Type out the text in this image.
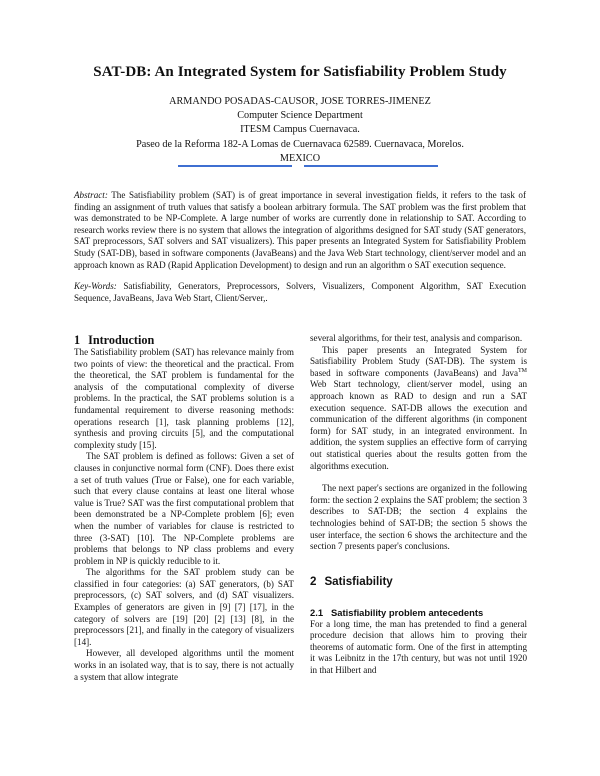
SAT-DB: An Integrated System for Satisfiability Problem Study
ARMANDO POSADAS-CAUSOR, JOSE TORRES-JIMENEZ
Computer Science Department
ITESM Campus Cuernavaca.
Paseo de la Reforma 182-A Lomas de Cuernavaca 62589. Cuernavaca, Morelos.
MEXICO

Abstract: The Satisfiability problem (SAT) is of great importance in several investigation fields, it refers to the task of finding an assignment of truth values that satisfy a boolean arbitrary formula. The SAT problem was the first problem that was demonstrated to be NP-Complete. A large number of works are currently done in relationship to SAT. According to research works review there is no system that allows the integration of algorithms designed for SAT study (SAT generators, SAT preprocessors, SAT solvers and SAT visualizers). This paper presents an Integrated System for Satisfiability Problem Study (SAT-DB), based in software components (JavaBeans) and the Java Web Start technology, client/server model and an approach known as RAD (Rapid Application Development) to design and run an algorithm o SAT execution sequence.

Key-Words: Satisfiability, Generators, Preprocessors, Solvers, Visualizers, Component Algorithm, SAT Execution Sequence, JavaBeans, Java Web Start, Client/Server,.

1 Introduction

The Satisfiability problem (SAT) has relevance mainly from two points of view: the theoretical and the practical. From the theoretical, the SAT problem is fundamental for the analysis of the computational complexity of diverse problems. In the practical, the SAT problems solution is a fundamental requirement to diverse reasoning methods: operations research [1], task planning problems [12], synthesis and proving circuits [5], and the computational complexity study [15].

The SAT problem is defined as follows: Given a set of clauses in conjunctive normal form (CNF). Does there exist a set of truth values (True or False), one for each variable, such that every clause contains at least one literal whose value is True? SAT was the first computational problem that been demonstrated be a NP-Complete problem [6]; even when the number of variables for clause is restricted to three (3-SAT) [10]. The NP-Complete problems are problems that belongs to NP class problems and every problem in NP is quickly reducible to it.

The algorithms for the SAT problem study can be classified in four categories: (a) SAT generators, (b) SAT preprocessors, (c) SAT solvers, and (d) SAT visualizers. Examples of generators are given in [9] [7] [17], in the category of solvers are [19] [20] [2] [13] [8], in the preprocessors [21], and finally in the category of visualizers [14].

However, all developed algorithms until the moment works in an isolated way, that is to say, there is not actually a system that allow integrate

several algorithms, for their test, analysis and comparison.

This paper presents an Integrated System for Satisfiability Problem Study (SAT-DB). The system is based in software components (JavaBeans) and Java™ Web Start technology, client/server model, using an approach known as RAD to design and run a SAT execution sequence. SAT-DB allows the execution and communication of the different algorithms (in component form) for SAT study, in an integrated environment. In addition, the system supplies an effective form of carrying out statistical queries about the results gotten from the algorithms execution.

The next paper's sections are organized in the following form: the section 2 explains the SAT problem; the section 3 describes to SAT-DB; the section 4 explains the technologies behind of SAT-DB; the section 5 shows the user interface, the section 6 shows the architecture and the section 7 presents paper's conclusions.

2 Satisfiability
2.1 Satisfiability problem antecedents

For a long time, the man has pretended to find a general procedure decision that allows him to proving their theorems of automatic form. One of the first in attempting it was Leibnitz in the 17th century, but was not until 1920 in that Hilbert and
